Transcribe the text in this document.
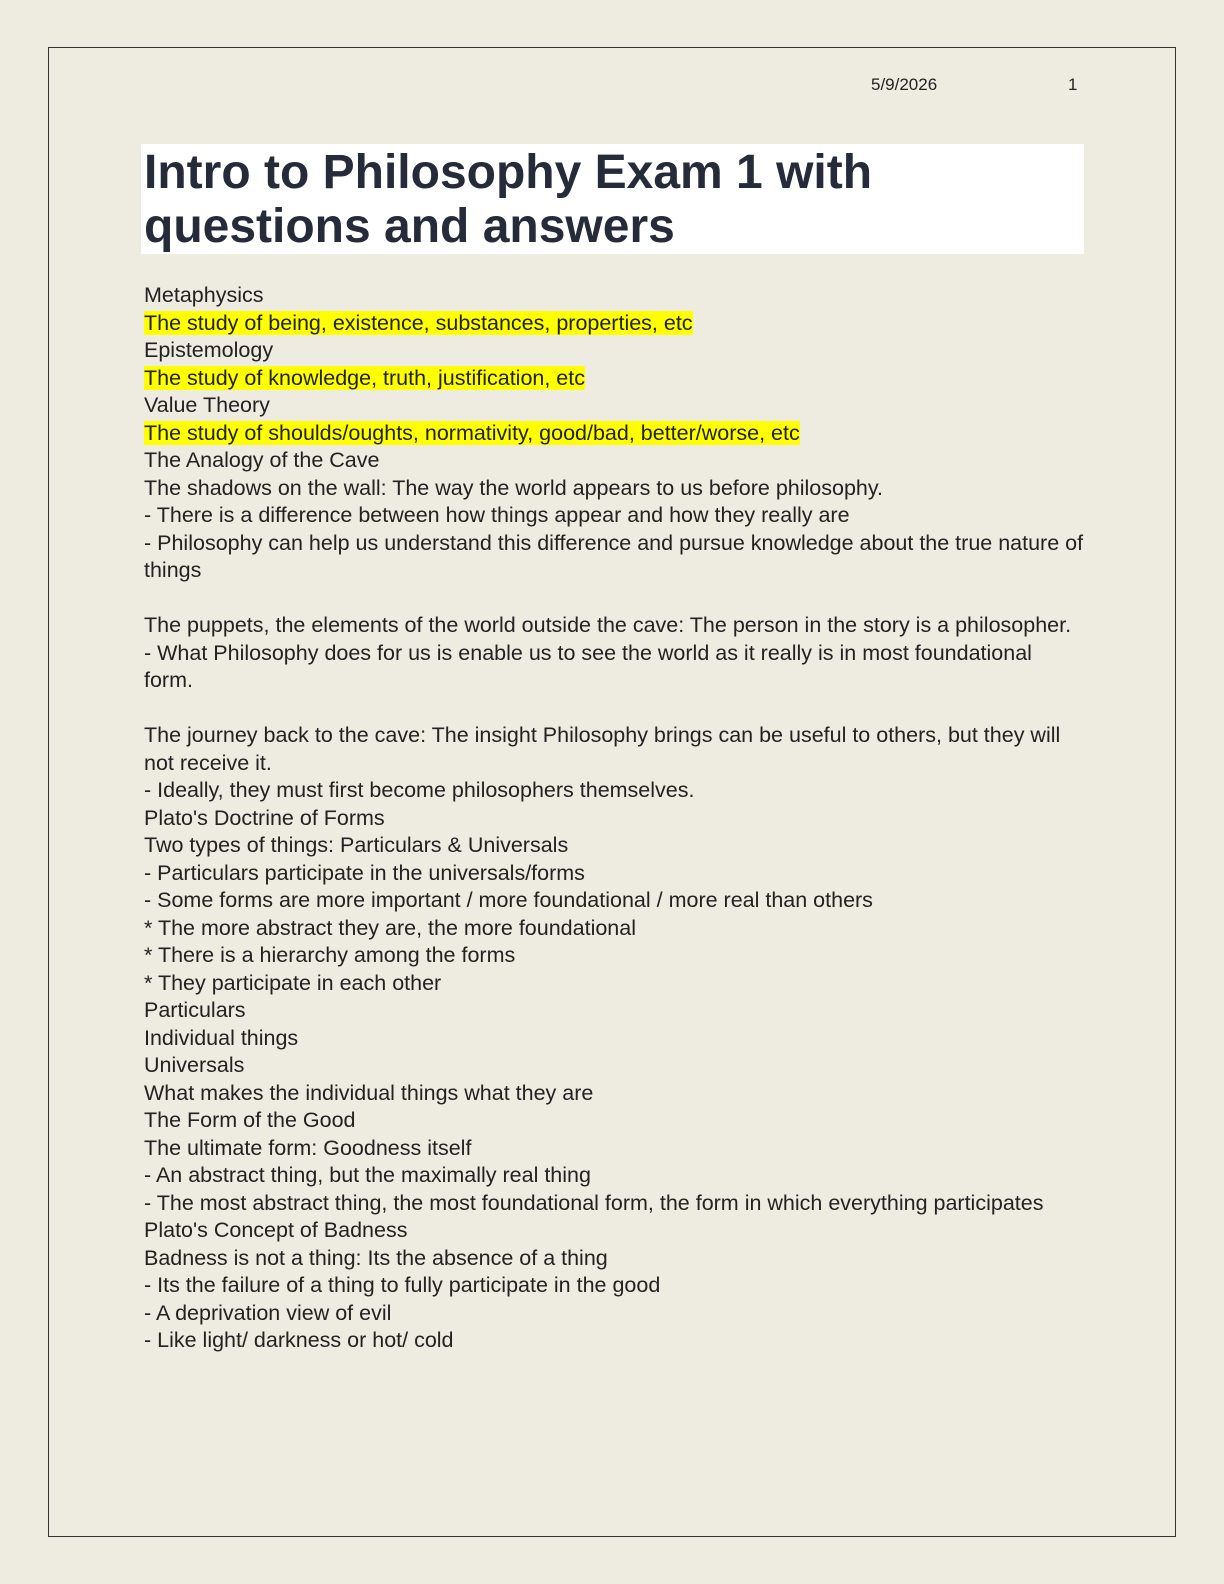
5/9/2026	1
Intro to Philosophy Exam 1 with questions and answers
Metaphysics
The study of being, existence, substances, properties, etc
Epistemology
The study of knowledge, truth, justification, etc
Value Theory
The study of shoulds/oughts, normativity, good/bad, better/worse, etc
The Analogy of the Cave
The shadows on the wall: The way the world appears to us before philosophy.
- There is a difference between how things appear and how they really are
- Philosophy can help us understand this difference and pursue knowledge about the true nature of things
The puppets, the elements of the world outside the cave: The person in the story is a philosopher.
- What Philosophy does for us is enable us to see the world as it really is in most foundational form.
The journey back to the cave: The insight Philosophy brings can be useful to others, but they will not receive it.
- Ideally, they must first become philosophers themselves.
Plato's Doctrine of Forms
Two types of things: Particulars & Universals
- Particulars participate in the universals/forms
- Some forms are more important / more foundational / more real than others
* The more abstract they are, the more foundational
* There is a hierarchy among the forms
* They participate in each other
Particulars
Individual things
Universals
What makes the individual things what they are
The Form of the Good
The ultimate form: Goodness itself
- An abstract thing, but the maximally real thing
- The most abstract thing, the most foundational form, the form in which everything participates
Plato's Concept of Badness
Badness is not a thing: Its the absence of a thing
- Its the failure of a thing to fully participate in the good
- A deprivation view of evil
- Like light/ darkness or hot/ cold
